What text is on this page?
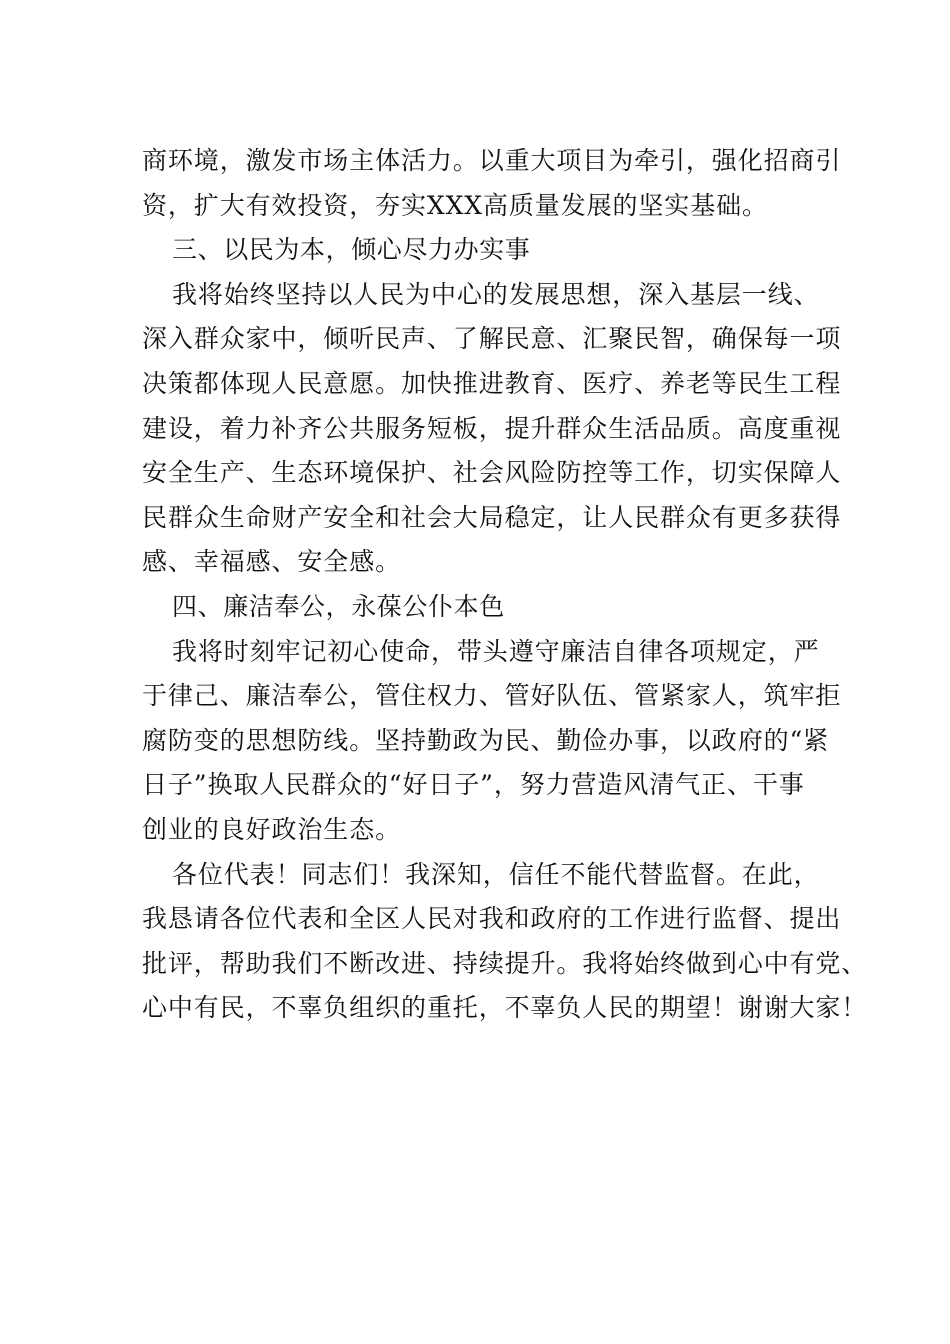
商环境，激发市场主体活力。以重大项目为牵引，强化招商引
资，扩大有效投资，夯实XXX高质量发展的坚实基础。
三、以民为本，倾心尽力办实事
我将始终坚持以人民为中心的发展思想，深入基层一线、
深入群众家中，倾听民声、了解民意、汇聚民智，确保每一项
决策都体现人民意愿。加快推进教育、医疗、养老等民生工程
建设，着力补齐公共服务短板，提升群众生活品质。高度重视
安全生产、生态环境保护、社会风险防控等工作，切实保障人
民群众生命财产安全和社会大局稳定，让人民群众有更多获得
感、幸福感、安全感。
四、廉洁奉公，永葆公仆本色
我将时刻牢记初心使命，带头遵守廉洁自律各项规定，严
于律己、廉洁奉公，管住权力、管好队伍、管紧家人，筑牢拒
腐防变的思想防线。坚持勤政为民、勤俭办事，以政府的“紧
日子”换取人民群众的“好日子”，努力营造风清气正、干事
创业的良好政治生态。
各位代表！同志们！我深知，信任不能代替监督。在此，
我恳请各位代表和全区人民对我和政府的工作进行监督、提出
批评，帮助我们不断改进、持续提升。我将始终做到心中有党、
心中有民，不辜负组织的重托，不辜负人民的期望！谢谢大家！
